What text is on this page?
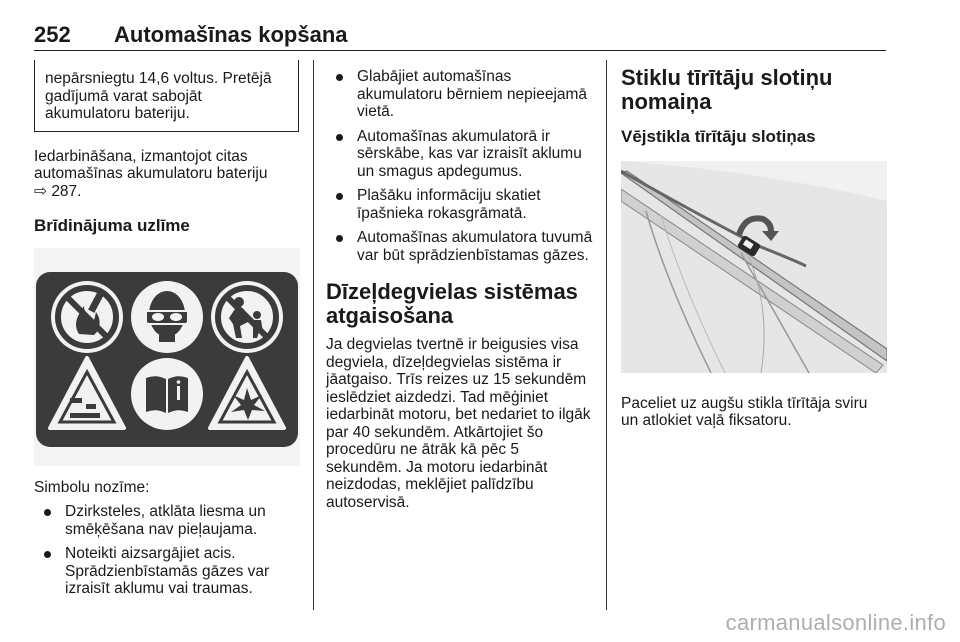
252 Automašīnas kopšana

nepārsniegtu 14,6 voltus. Pretējā gadījumā varat sabojāt akumulatoru bateriju.

Iedarbināšana, izmantojot citas automašīnas akumulatoru bateriju
⇨ 287.

Brīdinājuma uzlīme

Simbolu nozīme:

Dzirksteles, atklāta liesma un smēķēšana nav pieļaujama.
Noteikti aizsargājiet acis. Sprādzienbīstamās gāzes var izraisīt aklumu vai traumas.
Glabājiet automašīnas akumulatoru bērniem nepieejamā vietā.
Automašīnas akumulatorā ir sērskābe, kas var izraisīt aklumu un smagus apdegumus.
Plašāku informāciju skatiet īpašnieka rokasgrāmatā.
Automašīnas akumulatora tuvumā var būt sprādzienbīstamas gāzes.

Dīzeļdegvielas sistēmas atgaisošana

Ja degvielas tvertnē ir beigusies visa degviela, dīzeļdegvielas sistēma ir jāatgaiso. Trīs reizes uz 15 sekundēm ieslēdziet aizdedzi. Tad mēģiniet iedarbināt motoru, bet nedariet to ilgāk par 40 sekundēm. Atkārtojiet šo procedūru ne ātrāk kā pēc 5 sekundēm. Ja motoru iedarbināt neizdodas, meklējiet palīdzību autoservisā.

Stiklu tīrītāju slotiņu nomaiņa

Vējstikla tīrītāju slotiņas

Paceliet uz augšu stikla tīrītāja sviru un atlokiet vaļā fiksatoru.

carmanualsonline.info
